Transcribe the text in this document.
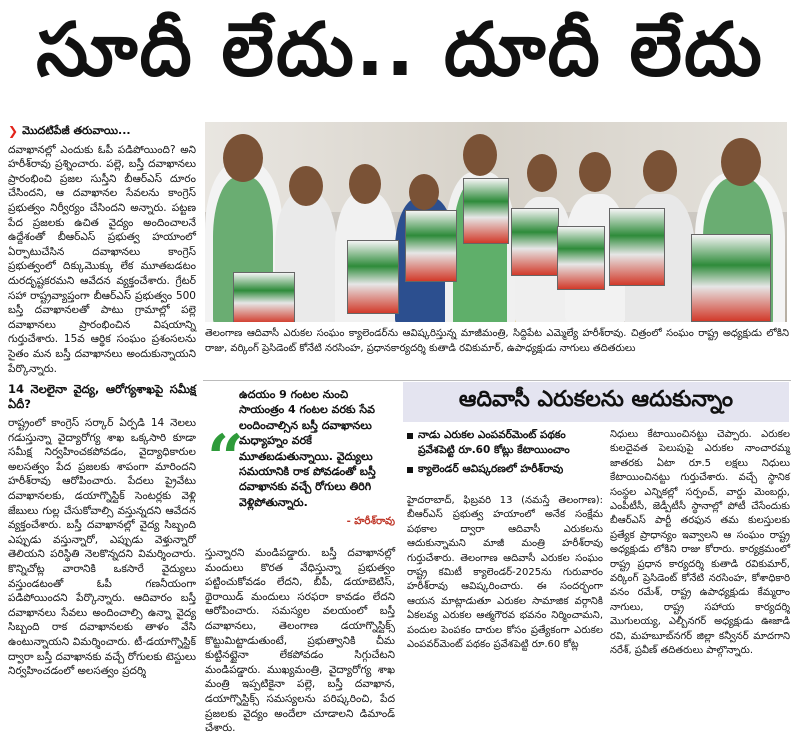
సూదీ లేదు.. దూదీ లేదు
❯ మొదటిపేజీ తరువాయి...

దవాఖానల్లో ఎందుకు ఓపీ పడిపోయింది? అని హరీశ్‌రావు ప్రశ్నించారు. పల్లె, బస్తీ దవాఖానలు ప్రారంభించి ప్రజల సుస్తీని బీఆర్‌ఎస్‌ దూరం చేసిందని, ఆ దవాఖానల సేవలను కాంగ్రెస్‌ ప్రభుత్వం నిర్వీర్యం చేసిందని అన్నారు. పట్టణ పేద ప్రజలకు ఉచిత వైద్యం అందించాలనే ఉద్దేశంతో బీఆర్‌ఎస్‌ ప్రభుత్వ హయాంలో ఏర్పాటుచేసిన దవాఖానలు కాంగ్రెస్‌ ప్రభుత్వంలో దిక్కుమొక్కు లేక మూతబడటం దురదృష్టకరమని ఆవేదన వ్యక్తంచేశారు. గ్రేటర్‌ సహా రాష్ట్రవ్యాప్తంగా బీఆర్‌ఎస్‌ ప్రభుత్వం 500 బస్తీ దవాఖానలతో పాటు గ్రామాల్లో పల్లె దవాఖానలు ప్రారంభించిన విషయాన్ని గుర్తుచేశారు. 15వ ఆర్థిక సంఘం ప్రశంసలను సైతం మన బస్తీ దవాఖానలు అందుకున్నాయని పేర్కొన్నారు.

14 నెలలైనా వైద్య, ఆరోగ్యశాఖపై సమీక్ష ఏదీ?

రాష్ట్రంలో కాంగ్రెస్‌ సర్కార్‌ ఏర్పడి 14 నెలలు గడుస్తున్నా వైద్యారోగ్య శాఖ ఒక్కసారి కూడా సమీక్ష నిర్వహించకపోవడం, వైద్యాధికారుల అలసత్వం పేద ప్రజలకు శాపంగా మారిందని హరీశ్‌రావు ఆరోపించారు. పేదలు ప్రైవేటు దవాఖానలకు, డయాగ్నొస్టిక్‌ సెంటర్లకు వెళ్లి జేబులు గుల్ల చేసుకోవాల్సి వస్తున్నదని ఆవేదన వ్యక్తంచేశారు. బస్తీ దవాఖానల్లో వైద్య సిబ్బంది ఎప్పుడు వస్తున్నారో, ఎప్పుడు వెళ్తున్నారో తెలియని పరిస్థితి నెలకొన్నదని విమర్శించారు. కొన్నిచోట్ల వారానికి ఒకసారే వైద్యులు వస్తుండటంతో ఓపీ గణనీయంగా పడిపోయిందని పేర్కొన్నారు. ఆదివారం బస్తీ దవాఖానలు సేవలు అందించాల్సి ఉన్నా వైద్య సిబ్బంది రాక దవాఖానలకు తాళం వేసి ఉంటున్నాయని విమర్శించారు. టీ-డయాగ్నొస్టిక్‌ ద్వారా బస్తీ దవాఖానకు వచ్చే రోగులకు టెస్టులు నిర్వహించడంలో అలసత్వం ప్రదర్శి

తెలంగాణ ఆదివాసీ ఎరుకల సంఘం క్యాలెండర్‌ను ఆవిష్కరిస్తున్న మాజీమంత్రి, సిద్దిపేట ఎమ్మెల్యే హరీశ్‌రావు. చిత్రంలో సంఘం రాష్ట్ర అధ్యక్షుడు లోకిని రాజు, వర్కింగ్‌ ప్రెసిడెంట్‌ కోనేటి నరసింహ, ప్రధానకార్యదర్శి కుతాడి రవికుమార్‌, ఉపాధ్యక్షుడు నాగులు తదితరులు
“
ఉదయం 9 గంటల నుంచి సాయంత్రం 4 గంటల వరకు సేవ లందించాల్సిన బస్తీ దవాఖానలు మధ్యాహ్నం వరకే మూతబడుతున్నాయి. వైద్యులు సమయానికి రాక పోవడంతో బస్తీ దవాఖానకు వచ్చే రోగులు తిరిగి వెళ్లిపోతున్నారు.
- హరీశ్‌రావు

స్తున్నారని మండిపడ్డారు. బస్తీ దవాఖానల్లో మందులు కొరత వేధిస్తున్నా ప్రభుత్వం పట్టించుకోవడం లేదని, బీపీ, డయాబెటిస్‌, థైరాయిడ్‌ మందులు సరఫరా కావడం లేదని ఆరోపించారు. సమస్యల వలయంలో బస్తీ దవాఖానలు, తెలంగాణ డయాగ్నొస్టిక్స్‌ కొట్టుమిట్టాడుతుంటే, ప్రభుత్వానికి చీమ కుట్టినట్టైనా లేకపోవడం సిగ్గుచేటని మండిపడ్డారు. ముఖ్యమంత్రి, వైద్యారోగ్య శాఖ మంత్రి ఇప్పటికైనా పల్లె, బస్తీ దవాఖాన, డయాగ్నొస్టిక్స్‌ సమస్యలను పరిష్కరించి, పేద ప్రజలకు వైద్యం అందేలా చూడాలని డిమాండ్‌ చేశారు.

ఆదివాసీ ఎరుకలను ఆదుకున్నాం
నాడు ఎరుకల ఎంపవర్‌మెంట్‌ పథకం ప్రవేశపెట్టి రూ.60 కోట్లు కేటాయించాం
క్యాలెండర్‌ ఆవిష్కరణలో హరీశ్‌రావు

హైదరాబాద్‌, ఫిబ్రవరి 13 (నమస్తే తెలంగాణ): బీఆర్‌ఎస్‌ ప్రభుత్వ హయాంలో అనేక సంక్షేమ పథకాల ద్వారా ఆదివాసీ ఎరుకలను ఆదుకున్నామని మాజీ మంత్రి హరీశ్‌రావు గుర్తుచేశారు. తెలంగాణ ఆదివాసీ ఎరుకల సంఘం రాష్ట్ర కమిటీ క్యాలెండర్‌-2025ను గురువారం హరీశ్‌రావు ఆవిష్కరించారు. ఈ సందర్భంగా ఆయన మాట్లాడుతూ ఎరుకల సామాజిక వర్గానికి ఏకలవ్య ఎరుకల ఆత్మగౌరవ భవనం నిర్మించామని, పందుల పెంపకం దారుల కోసం ప్రత్యేకంగా ఎరుకల ఎంపవర్‌మెంట్‌ పథకం ప్రవేశపెట్టి రూ.60 కోట్ల

నిధులు కేటాయించినట్టు చెప్పారు. ఎరుకల కులదైవత పెలుపుపై ఎరుకల నాంచారమ్మ జాతరకు ఏటా రూ.5 లక్షలు నిధులు కేటాయించినట్టు గుర్తుచేశారు. వచ్చే స్థానిక సంస్థల ఎన్నికల్లో సర్పంచ్‌, వార్డు మెంబర్లు, ఎంపీటీసీ, జెడ్పీటీసీ స్థానాల్లో పోటీ చేసేందుకు బీఆర్‌ఎస్‌ పార్టీ తరఫున తమ కులస్తులకు ప్రత్యేక ప్రాధాన్యం ఇవ్వాలని ఆ సంఘం రాష్ట్ర అధ్యక్షుడు లోకిని రాజు కోరారు. కార్యక్రమంలో రాష్ట్ర ప్రధాన కార్యదర్శి కుతాడి రవికుమార్‌, వర్కింగ్‌ ప్రెసిడెంట్‌ కోనేటి నరసింహ, కోశాధికారి వనం రమేశ్‌, రాష్ట్ర ఉపాధ్యక్షుడు కేమ్మరాం నాగులు, రాష్ట్ర సహాయ కార్యదర్శి మొగులయ్య, ఎల్బీనగర్‌ అధ్యక్షుడు ఊజాడి రవి, మహబూబ్‌నగర్‌ జిల్లా కన్వీనర్‌ మాదగాని నరేశ్‌, ప్రవీణ్‌ తదితరులు పాల్గొన్నారు.
